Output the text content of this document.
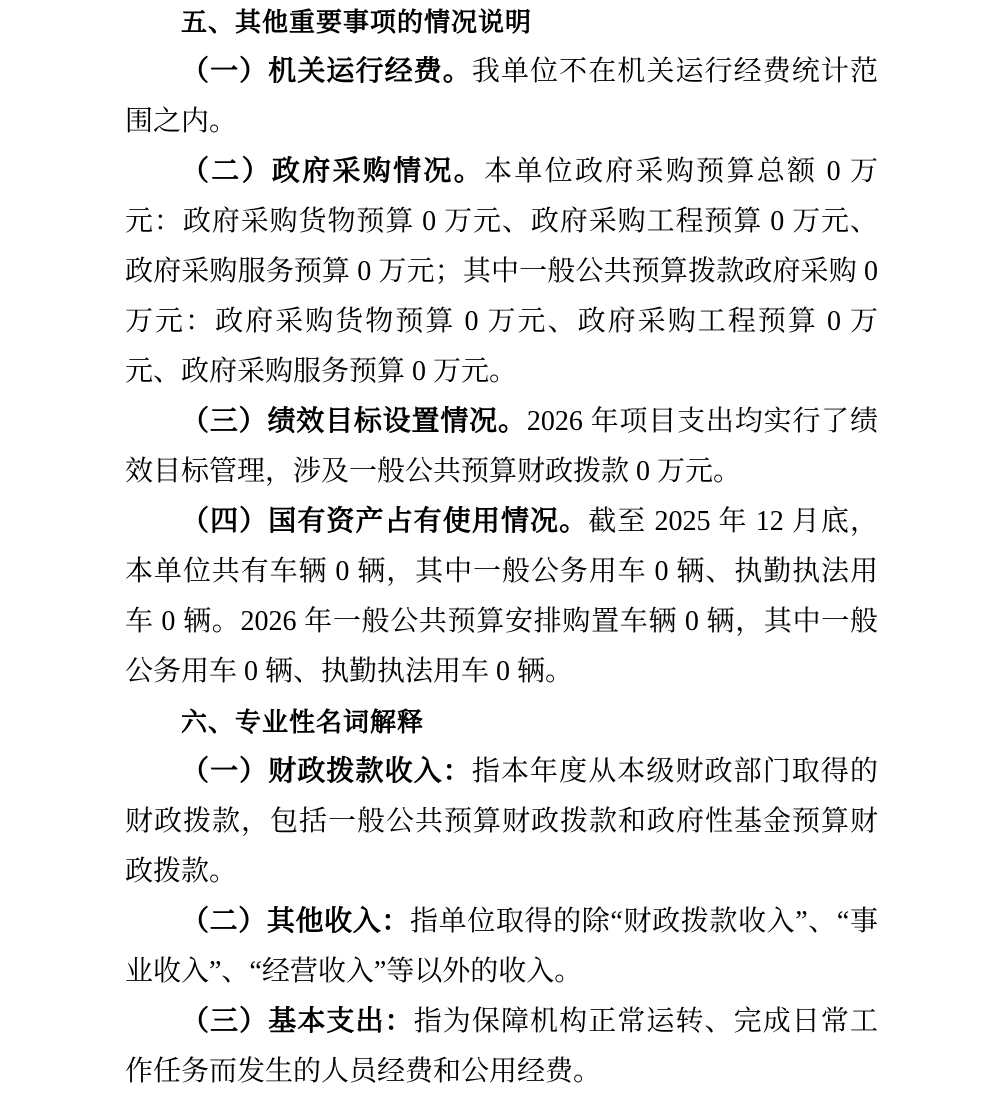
五、其他重要事项的情况说明

（一）机关运行经费。我单位不在机关运行经费统计范围之内。

（二）政府采购情况。本单位政府采购预算总额 0 万元：政府采购货物预算 0 万元、政府采购工程预算 0 万元、政府采购服务预算 0 万元；其中一般公共预算拨款政府采购 0 万元：政府采购货物预算 0 万元、政府采购工程预算 0 万元、政府采购服务预算 0 万元。

（三）绩效目标设置情况。2026 年项目支出均实行了绩效目标管理，涉及一般公共预算财政拨款 0 万元。

（四）国有资产占有使用情况。截至 2025 年 12 月底，本单位共有车辆 0 辆，其中一般公务用车 0 辆、执勤执法用车 0 辆。2026 年一般公共预算安排购置车辆 0 辆，其中一般公务用车 0 辆、执勤执法用车 0 辆。

六、专业性名词解释

（一）财政拨款收入：指本年度从本级财政部门取得的财政拨款，包括一般公共预算财政拨款和政府性基金预算财政拨款。

（二）其他收入：指单位取得的除“财政拨款收入”、“事业收入”、“经营收入”等以外的收入。

（三）基本支出：指为保障机构正常运转、完成日常工作任务而发生的人员经费和公用经费。
